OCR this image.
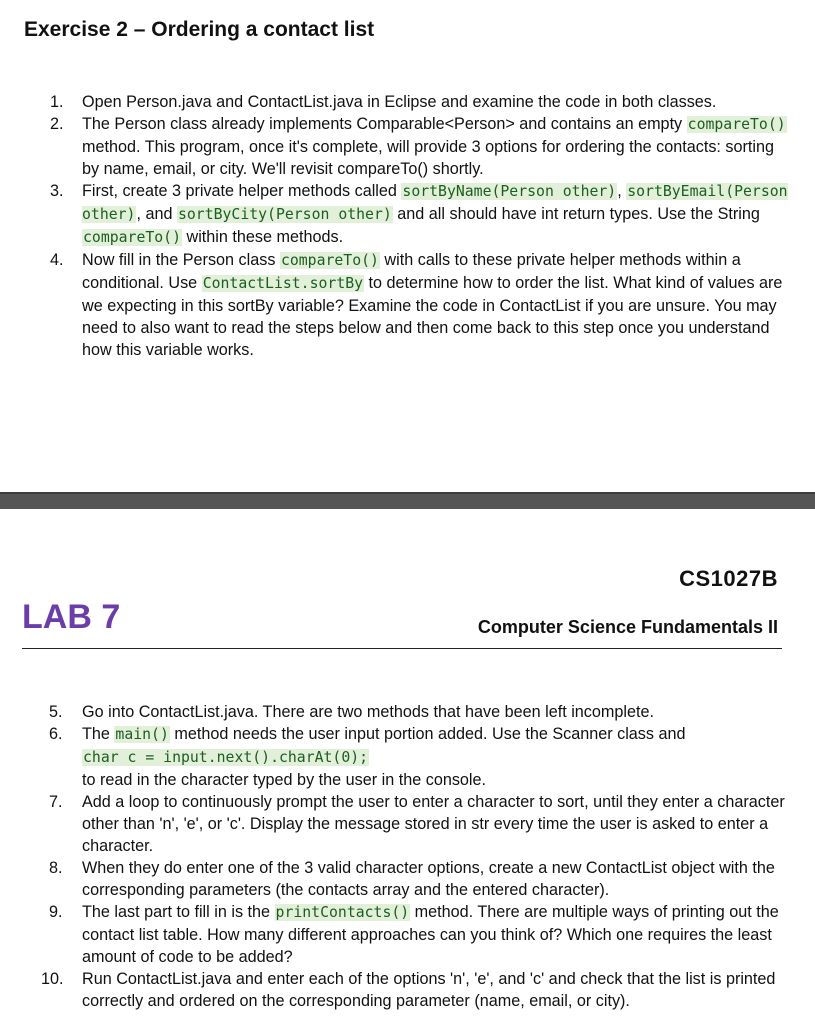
Exercise 2 – Ordering a contact list
1. Open Person.java and ContactList.java in Eclipse and examine the code in both classes.
2. The Person class already implements Comparable<Person> and contains an empty compareTo() method. This program, once it's complete, will provide 3 options for ordering the contacts: sorting by name, email, or city. We'll revisit compareTo() shortly.
3. First, create 3 private helper methods called sortByName(Person other), sortByEmail(Person other), and sortByCity(Person other) and all should have int return types. Use the String compareTo() within these methods.
4. Now fill in the Person class compareTo() with calls to these private helper methods within a conditional. Use ContactList.sortBy to determine how to order the list. What kind of values are we expecting in this sortBy variable? Examine the code in ContactList if you are unsure. You may need to also want to read the steps below and then come back to this step once you understand how this variable works.
CS1027B
LAB 7	Computer Science Fundamentals II
5. Go into ContactList.java. There are two methods that have been left incomplete.
6. The main() method needs the user input portion added. Use the Scanner class and
char c = input.next().charAt(0);
to read in the character typed by the user in the console.
7. Add a loop to continuously prompt the user to enter a character to sort, until they enter a character other than 'n', 'e', or 'c'. Display the message stored in str every time the user is asked to enter a character.
8. When they do enter one of the 3 valid character options, create a new ContactList object with the corresponding parameters (the contacts array and the entered character).
9. The last part to fill in is the printContacts() method. There are multiple ways of printing out the contact list table. How many different approaches can you think of? Which one requires the least amount of code to be added?
10. Run ContactList.java and enter each of the options 'n', 'e', and 'c' and check that the list is printed correctly and ordered on the corresponding parameter (name, email, or city).
